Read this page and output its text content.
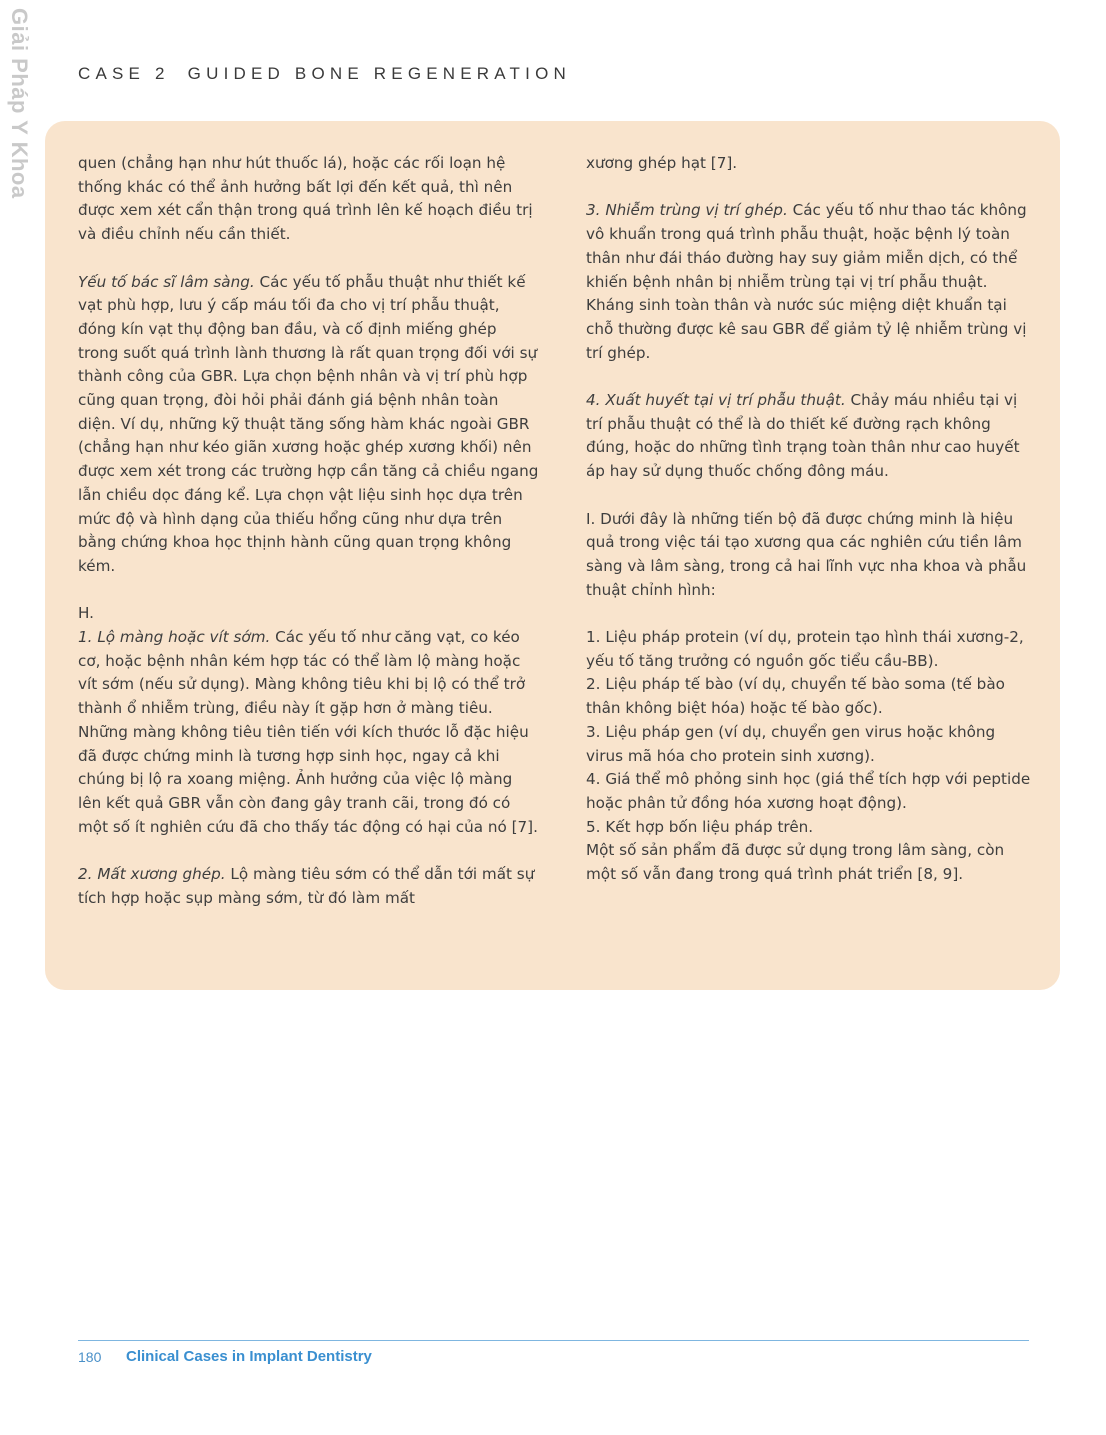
Giải Pháp Y Khoa	CASE 2 GUIDED BONE REGENERATION

quen (chẳng hạn như hút thuốc lá), hoặc các rối loạn hệ thống khác có thể ảnh hưởng bất lợi đến kết quả, thì nên được xem xét cẩn thận trong quá trình lên kế hoạch điều trị và điều chỉnh nếu cần thiết.

Yếu tố bác sĩ lâm sàng. Các yếu tố phẫu thuật như thiết kế vạt phù hợp, lưu ý cấp máu tối đa cho vị trí phẫu thuật, đóng kín vạt thụ động ban đầu, và cố định miếng ghép trong suốt quá trình lành thương là rất quan trọng đối với sự thành công của GBR. Lựa chọn bệnh nhân và vị trí phù hợp cũng quan trọng, đòi hỏi phải đánh giá bệnh nhân toàn diện. Ví dụ, những kỹ thuật tăng sống hàm khác ngoài GBR (chẳng hạn như kéo giãn xương hoặc ghép xương khối) nên được xem xét trong các trường hợp cần tăng cả chiều ngang lẫn chiều dọc đáng kể. Lựa chọn vật liệu sinh học dựa trên mức độ và hình dạng của thiếu hổng cũng như dựa trên bằng chứng khoa học thịnh hành cũng quan trọng không kém.

H.

1. Lộ màng hoặc vít sớm. Các yếu tố như căng vạt, co kéo cơ, hoặc bệnh nhân kém hợp tác có thể làm lộ màng hoặc vít sớm (nếu sử dụng). Màng không tiêu khi bị lộ có thể trở thành ổ nhiễm trùng, điều này ít gặp hơn ở màng tiêu. Những màng không tiêu tiên tiến với kích thước lỗ đặc hiệu đã được chứng minh là tương hợp sinh học, ngay cả khi chúng bị lộ ra xoang miệng. Ảnh hưởng của việc lộ màng lên kết quả GBR vẫn còn đang gây tranh cãi, trong đó có một số ít nghiên cứu đã cho thấy tác động có hại của nó [7].

2. Mất xương ghép. Lộ màng tiêu sớm có thể dẫn tới mất sự tích hợp hoặc sụp màng sớm, từ đó làm mất

xương ghép hạt [7].

3. Nhiễm trùng vị trí ghép. Các yếu tố như thao tác không vô khuẩn trong quá trình phẫu thuật, hoặc bệnh lý toàn thân như đái tháo đường hay suy giảm miễn dịch, có thể khiến bệnh nhân bị nhiễm trùng tại vị trí phẫu thuật. Kháng sinh toàn thân và nước súc miệng diệt khuẩn tại chỗ thường được kê sau GBR để giảm tỷ lệ nhiễm trùng vị trí ghép.

4. Xuất huyết tại vị trí phẫu thuật. Chảy máu nhiều tại vị trí phẫu thuật có thể là do thiết kế đường rạch không đúng, hoặc do những tình trạng toàn thân như cao huyết áp hay sử dụng thuốc chống đông máu.

I. Dưới đây là những tiến bộ đã được chứng minh là hiệu quả trong việc tái tạo xương qua các nghiên cứu tiền lâm sàng và lâm sàng, trong cả hai lĩnh vực nha khoa và phẫu thuật chỉnh hình:

1. Liệu pháp protein (ví dụ, protein tạo hình thái xương-2, yếu tố tăng trưởng có nguồn gốc tiểu cầu-BB).
2. Liệu pháp tế bào (ví dụ, chuyển tế bào soma (tế bào thân không biệt hóa) hoặc tế bào gốc).
3. Liệu pháp gen (ví dụ, chuyển gen virus hoặc không virus mã hóa cho protein sinh xương).
4. Giá thể mô phỏng sinh học (giá thể tích hợp với peptide hoặc phân tử đồng hóa xương hoạt động).
5. Kết hợp bốn liệu pháp trên.
Một số sản phẩm đã được sử dụng trong lâm sàng, còn một số vẫn đang trong quá trình phát triển [8, 9].
180 Clinical Cases in Implant Dentistry
